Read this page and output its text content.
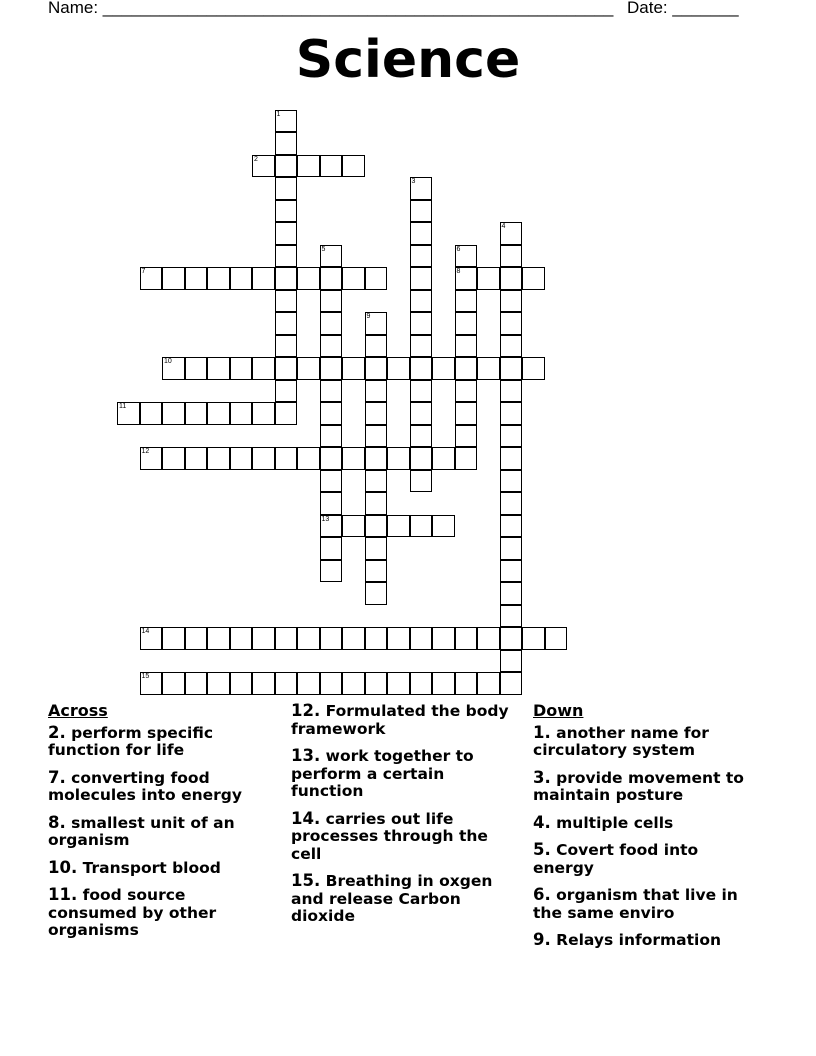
Name: ______________________________________________________ Date: _______
Science
1
2
3
4
5
13
6
8
7
9
10
11
12
14
15
Across
2. perform specific function for life
7. converting food molecules into energy
8. smallest unit of an organism
10. Transport blood
11. food source consumed by other organisms
12. Formulated the body framework
13. work together to perform a certain function
14. carries out life processes through the cell
15. Breathing in oxgen and release Carbon dioxide
Down
1. another name for circulatory system
3. provide movement to maintain posture
4. multiple cells
5. Covert food into energy
6. organism that live in the same enviro
9. Relays information
